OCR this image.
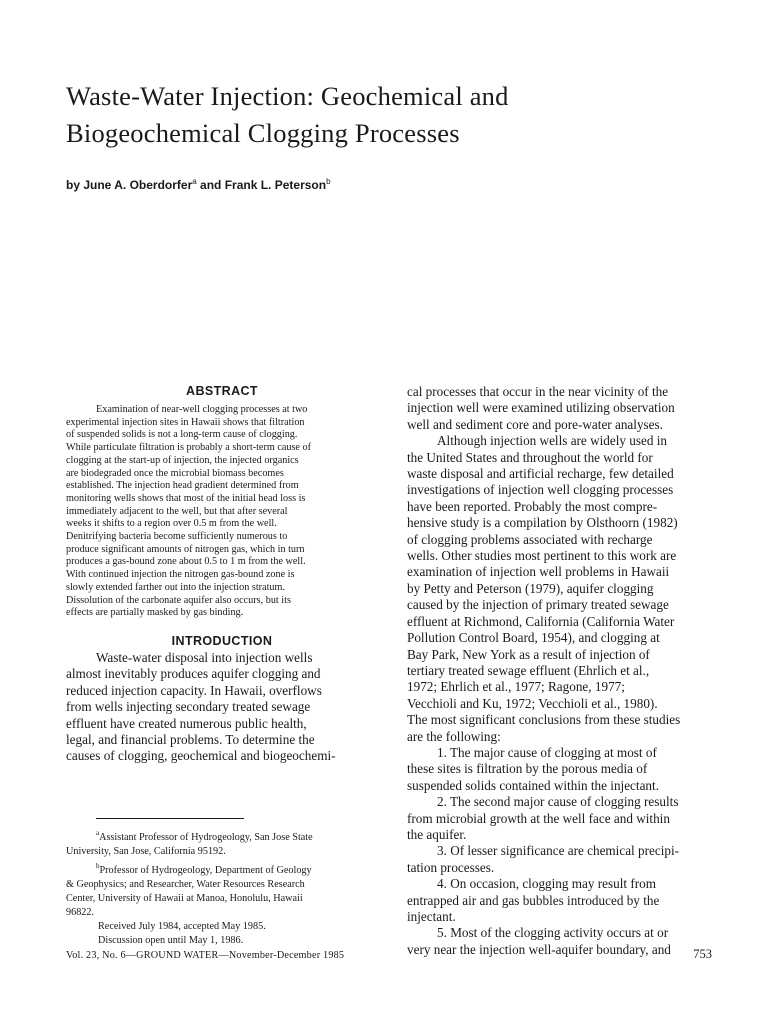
Waste-Water Injection: Geochemical and
Biogeochemical Clogging Processes
by June A. Oberdorfer$^a$ and Frank L. Peterson$^b$
ABSTRACT
Examination of near-well clogging processes at two
experimental injection sites in Hawaii shows that filtration
of suspended solids is not a long-term cause of clogging.
While particulate filtration is probably a short-term cause of
clogging at the start-up of injection, the injected organics
are biodegraded once the microbial biomass becomes
established. The injection head gradient determined from
monitoring wells shows that most of the initial head loss is
immediately adjacent to the well, but that after several
weeks it shifts to a region over 0.5 m from the well.
Denitrifying bacteria become sufficiently numerous to
produce significant amounts of nitrogen gas, which in turn
produces a gas-bound zone about 0.5 to 1 m from the well.
With continued injection the nitrogen gas-bound zone is
slowly extended farther out into the injection stratum.
Dissolution of the carbonate aquifer also occurs, but its
effects are partially masked by gas binding.
INTRODUCTION
Waste-water disposal into injection wells
almost inevitably produces aquifer clogging and
reduced injection capacity. In Hawaii, overflows
from wells injecting secondary treated sewage
effluent have created numerous public health,
legal, and financial problems. To determine the
causes of clogging, geochemical and biogeochemi-
cal processes that occur in the near vicinity of the
injection well were examined utilizing observation
well and sediment core and pore-water analyses.
Although injection wells are widely used in
the United States and throughout the world for
waste disposal and artificial recharge, few detailed
investigations of injection well clogging processes
have been reported. Probably the most compre-
hensive study is a compilation by Olsthoorn (1982)
of clogging problems associated with recharge
wells. Other studies most pertinent to this work are
examination of injection well problems in Hawaii
by Petty and Peterson (1979), aquifer clogging
caused by the injection of primary treated sewage
effluent at Richmond, California (California Water
Pollution Control Board, 1954), and clogging at
Bay Park, New York as a result of injection of
tertiary treated sewage effluent (Ehrlich et al.,
1972; Ehrlich et al., 1977; Ragone, 1977;
Vecchioli and Ku, 1972; Vecchioli et al., 1980).
The most significant conclusions from these studies
are the following:
1. The major cause of clogging at most of
these sites is filtration by the porous media of
suspended solids contained within the injectant.
2. The second major cause of clogging results
from microbial growth at the well face and within
the aquifer.
3. Of lesser significance are chemical precipi-
tation processes.
4. On occasion, clogging may result from
entrapped air and gas bubbles introduced by the
injectant.
5. Most of the clogging activity occurs at or
very near the injection well-aquifer boundary, and
$^a$Assistant Professor of Hydrogeology, San Jose State
University, San Jose, California 95192.
$^b$Professor of Hydrogeology, Department of Geology
& Geophysics; and Researcher, Water Resources Research
Center, University of Hawaii at Manoa, Honolulu, Hawaii
96822.
Received July 1984, accepted May 1985.
Discussion open until May 1, 1986.
Vol. 23, No. 6—GROUND WATER—November-December 1985	753
